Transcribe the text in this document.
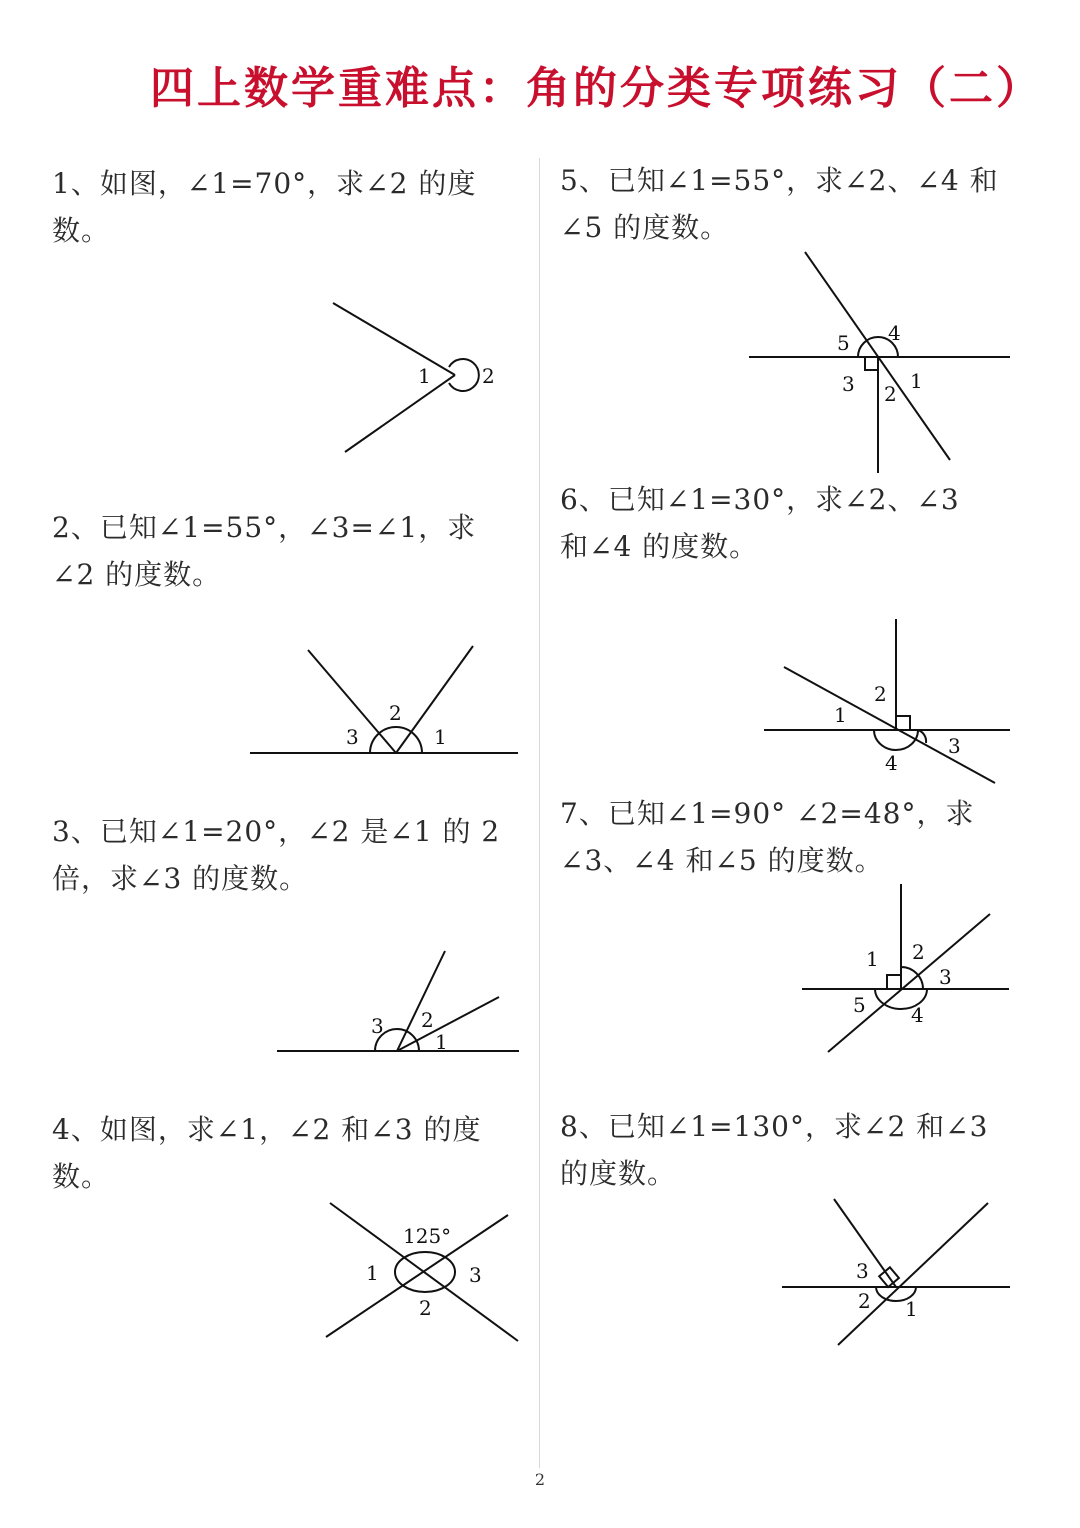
四上数学重难点：角的分类专项练习（二）
1、如图，∠1=70°，求∠2 的度
数。
1	2
2、已知∠1=55°，∠3=∠1，求
∠2 的度数。
3
2
1
3、已知∠1=20°，∠2 是∠1 的 2
倍，求∠3 的度数。
3 2
1
4、如图，求∠1，∠2 和∠3 的度
数。
125°
1	3
2
5、已知∠1=55°，求∠2、∠4 和
∠5 的度数。
5 4
3 2
1
6、已知∠1=30°，求∠2、∠3
和∠4 的度数。
2
1
3
4
7、已知∠1=90° ∠2=48°，求
∠3、∠4 和∠5 的度数。
1 2
3
5 4
8、已知∠1=130°，求∠2 和∠3
的度数。
3
2 1
2
